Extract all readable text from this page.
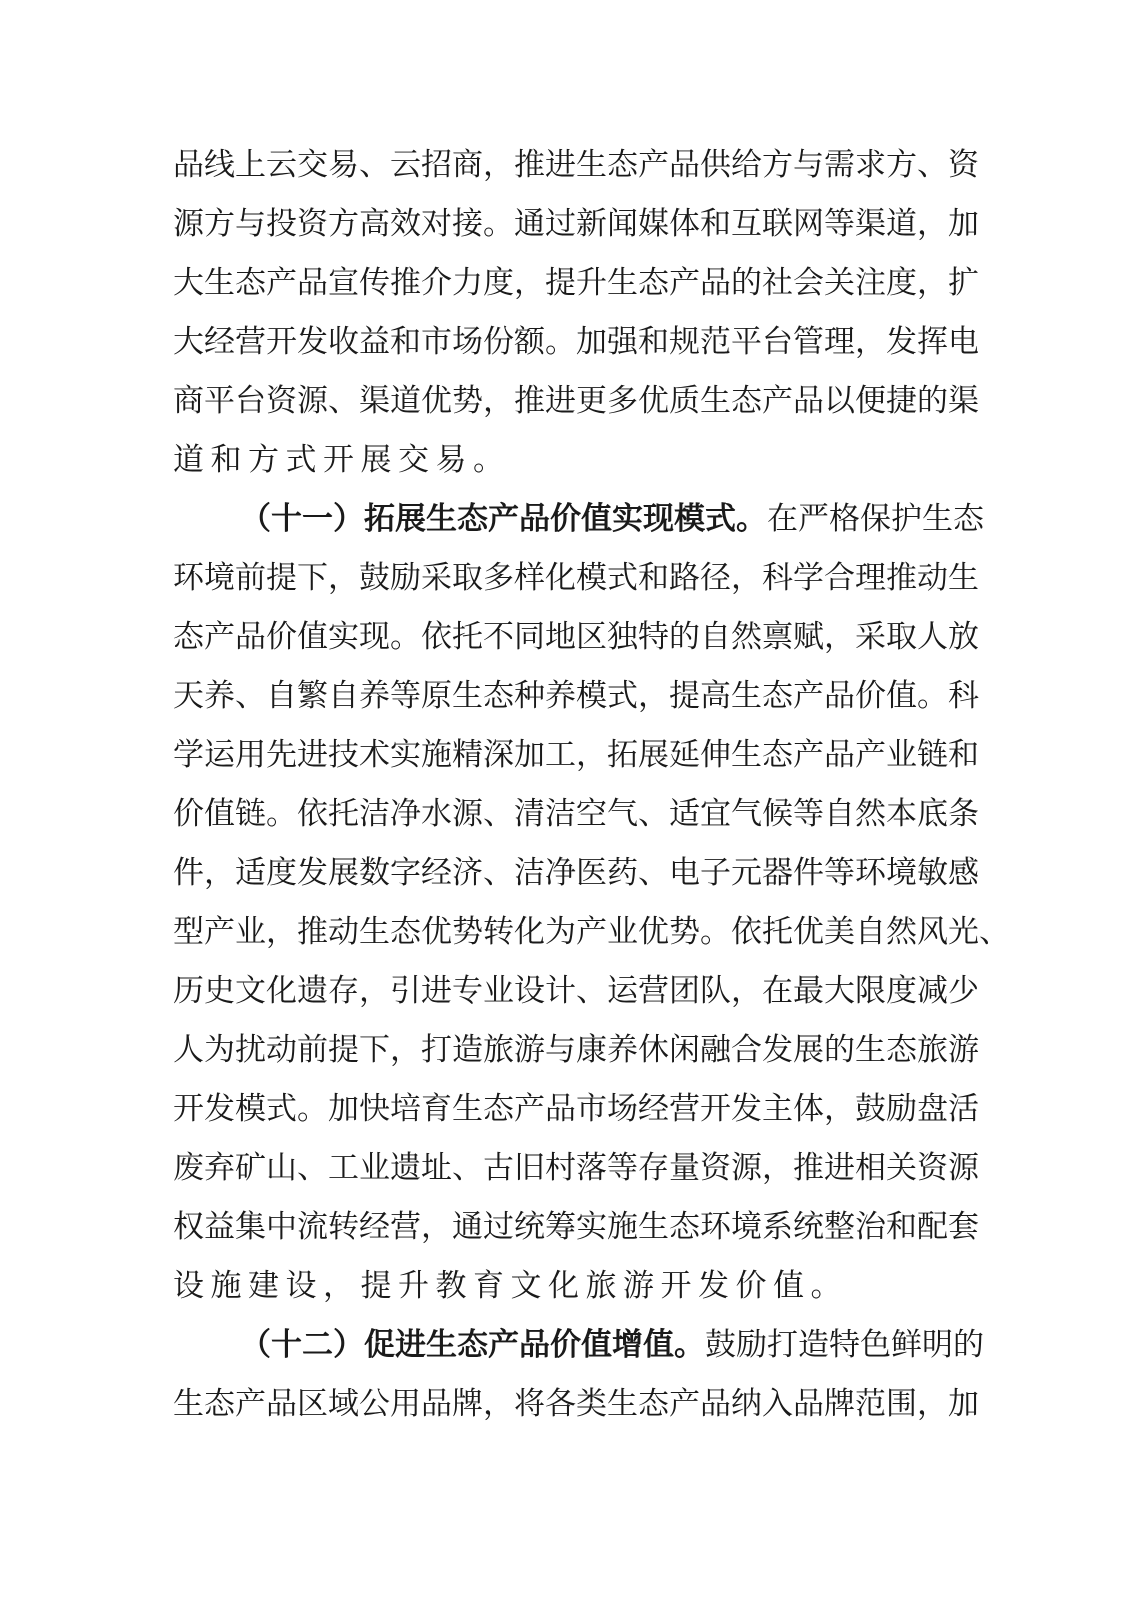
品线上云交易、云招商，推进生态产品供给方与需求方、资
源方与投资方高效对接。通过新闻媒体和互联网等渠道，加
大生态产品宣传推介力度，提升生态产品的社会关注度，扩
大经营开发收益和市场份额。加强和规范平台管理，发挥电
商平台资源、渠道优势，推进更多优质生态产品以便捷的渠
道和方式开展交易。
（十一）拓展生态产品价值实现模式。在严格保护生态
环境前提下，鼓励采取多样化模式和路径，科学合理推动生
态产品价值实现。依托不同地区独特的自然禀赋，采取人放
天养、自繁自养等原生态种养模式，提高生态产品价值。科
学运用先进技术实施精深加工，拓展延伸生态产品产业链和
价值链。依托洁净水源、清洁空气、适宜气候等自然本底条
件，适度发展数字经济、洁净医药、电子元器件等环境敏感
型产业，推动生态优势转化为产业优势。依托优美自然风光、
历史文化遗存，引进专业设计、运营团队，在最大限度减少
人为扰动前提下，打造旅游与康养休闲融合发展的生态旅游
开发模式。加快培育生态产品市场经营开发主体，鼓励盘活
废弃矿山、工业遗址、古旧村落等存量资源，推进相关资源
权益集中流转经营，通过统筹实施生态环境系统整治和配套
设施建设，提升教育文化旅游开发价值。
（十二）促进生态产品价值增值。鼓励打造特色鲜明的
生态产品区域公用品牌，将各类生态产品纳入品牌范围，加
